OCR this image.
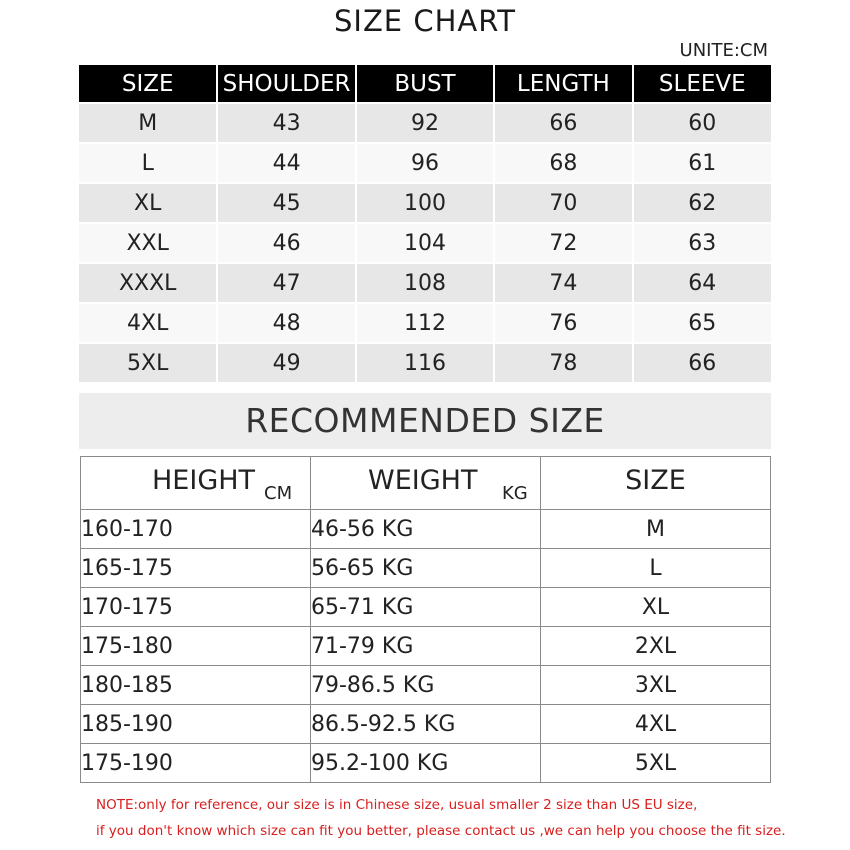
SIZE CHART
UNITE:CM
SIZE	SHOULDER	BUST	LENGTH	SLEEVE
M	43	92	66	60
L	44	96	68	61
XL	45	100	70	62
XXL	46	104	72	63
XXXL	47	108	74	64
4XL	48	112	76	65
5XL	49	116	78	66
RECOMMENDED SIZE
HEIGHT CM	WEIGHT KG	SIZE

160-170	46-56 KG	M
165-175	56-65 KG	L
170-175	65-71 KG	XL
175-180	71-79 KG	2XL
180-185	79-86.5 KG	3XL
185-190	86.5-92.5 KG	4XL
175-190	95.2-100 KG	5XL
NOTE:only for reference, our size is in Chinese size, usual smaller 2 size than US EU size,
if you don't know which size can fit you better, please contact us ,we can help you choose the fit size.
